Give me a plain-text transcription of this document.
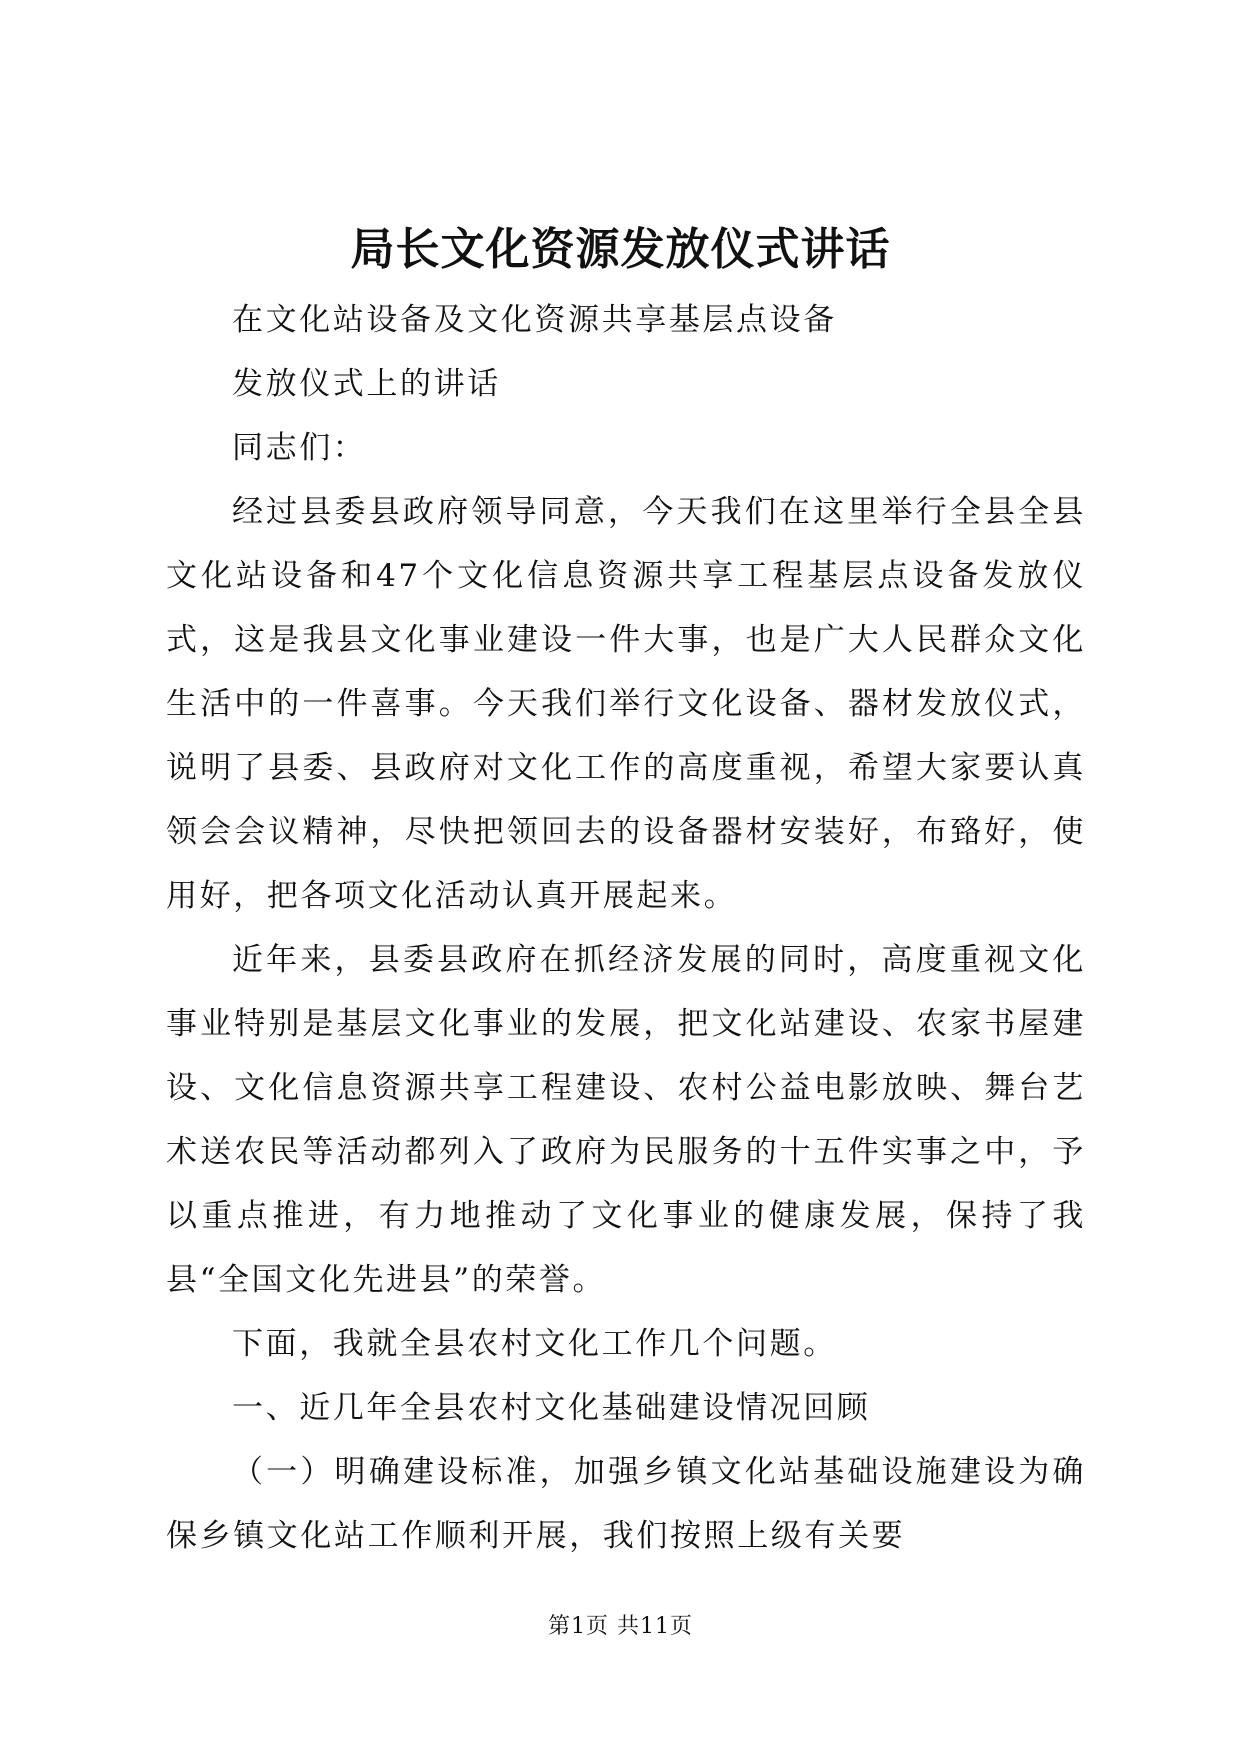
局长文化资源发放仪式讲话

在文化站设备及文化资源共享基层点设备

发放仪式上的讲话

同志们：

经过县委县政府领导同意，今天我们在这里举行全县全县文化站设备和47个文化信息资源共享工程基层点设备发放仪式，这是我县文化事业建设一件大事，也是广大人民群众文化生活中的一件喜事。今天我们举行文化设备、器材发放仪式，说明了县委、县政府对文化工作的高度重视，希望大家要认真领会会议精神，尽快把领回去的设备器材安装好，布臵好，使用好，把各项文化活动认真开展起来。

近年来，县委县政府在抓经济发展的同时，高度重视文化事业特别是基层文化事业的发展，把文化站建设、农家书屋建设、文化信息资源共享工程建设、农村公益电影放映、舞台艺术送农民等活动都列入了政府为民服务的十五件实事之中，予以重点推进，有力地推动了文化事业的健康发展，保持了我县“全国文化先进县”的荣誉。

下面，我就全县农村文化工作几个问题。

一、近几年全县农村文化基础建设情况回顾

（一）明确建设标准，加强乡镇文化站基础设施建设为确保乡镇文化站工作顺利开展，我们按照上级有关要

第1页 共11页
